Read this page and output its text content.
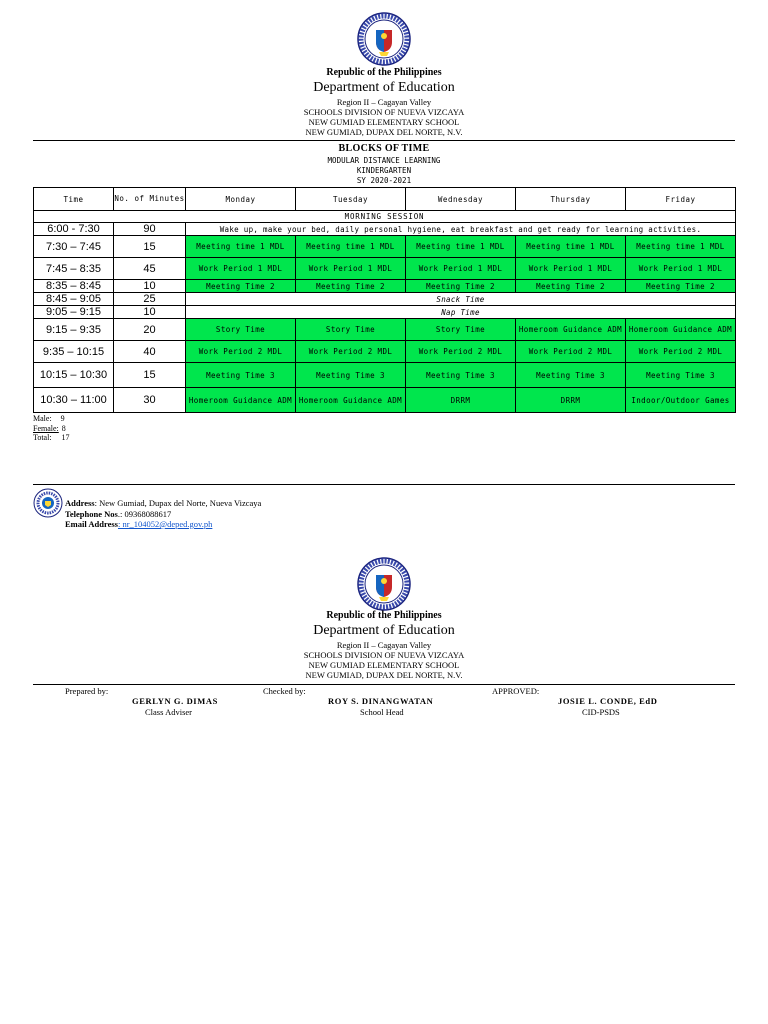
Republic of the Philippines
Department of Education
Region II – Cagayan Valley
SCHOOLS DIVISION OF NUEVA VIZCAYA
NEW GUMIAD ELEMENTARY SCHOOL
NEW GUMIAD, DUPAX DEL NORTE, N.V.
BLOCKS OF TIME
MODULAR DISTANCE LEARNING
KINDERGARTEN
SY 2020-2021
Time	No. of Minutes	Monday	Tuesday	Wednesday	Thursday	Friday
MORNING SESSION						
6:00 - 7:30	90	Wake up, make your bed, daily personal hygiene, eat breakfast and get ready for learning activities.				
7:30 – 7:45	15	Meeting time 1 MDL	Meeting time 1 MDL	Meeting time 1 MDL	Meeting time 1 MDL	Meeting time 1 MDL
7:45 – 8:35	45	Work Period 1 MDL	Work Period 1 MDL	Work Period 1 MDL	Work Period 1 MDL	Work Period 1 MDL
8:35 – 8:45	10	Meeting Time 2	Meeting Time 2	Meeting Time 2	Meeting Time 2	Meeting Time 2
8:45 – 9:05	25	Snack Time				
9:05 – 9:15	10	Nap Time				
9:15 – 9:35	20	Story Time	Story Time	Story Time	Homeroom Guidance ADM	Homeroom Guidance ADM
9:35 – 10:15	40	Work Period 2 MDL	Work Period 2 MDL	Work Period 2 MDL	Work Period 2 MDL	Work Period 2 MDL
10:15 – 10:30	15	Meeting Time 3	Meeting Time 3	Meeting Time 3	Meeting Time 3	Meeting Time 3
10:30 – 11:00	30	Homeroom Guidance ADM	Homeroom Guidance ADM	DRRM	DRRM	Indoor/Outdoor Games
Male: 9
Female: 8
Total: 17
Address: New Gumiad, Dupax del Norte, Nueva Vizcaya
Telephone Nos.: 09368088617
Email Address: nr_104052@deped.gov.ph
Republic of the Philippines
Department of Education
Region II – Cagayan Valley
SCHOOLS DIVISION OF NUEVA VIZCAYA
NEW GUMIAD ELEMENTARY SCHOOL
NEW GUMIAD, DUPAX DEL NORTE, N.V.
Prepared by:
GERLYN G. DIMAS
Class Adviser
Checked by:
ROY S. DINANGWATAN
School Head
APPROVED:
JOSIE L. CONDE, EdD
CID-PSDS
